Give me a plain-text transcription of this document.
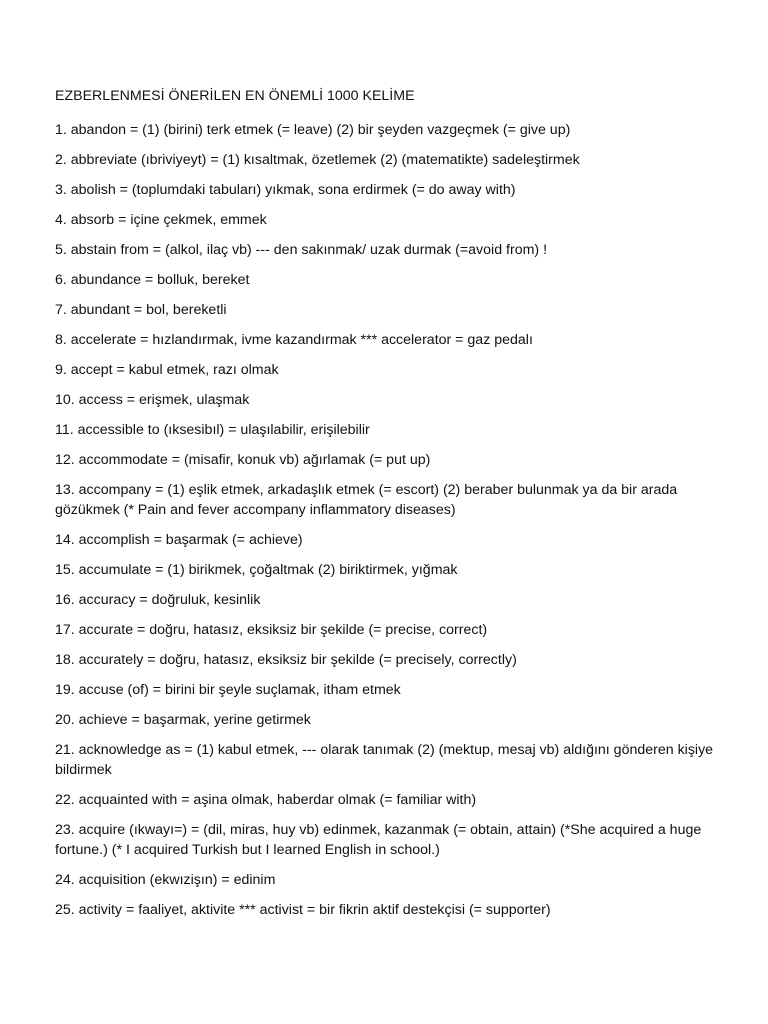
EZBERLENMESİ ÖNERİLEN EN ÖNEMLİ 1000 KELİME
1. abandon = (1) (birini) terk etmek (= leave) (2) bir şeyden vazgeçmek (= give up)
2. abbreviate (ıbriviyeyt) = (1) kısaltmak, özetlemek (2) (matematikte) sadeleştirmek
3. abolish = (toplumdaki tabuları) yıkmak, sona erdirmek (= do away with)
4. absorb = içine çekmek, emmek
5. abstain from = (alkol, ilaç vb) --- den sakınmak/ uzak durmak (=avoid from) !
6. abundance = bolluk, bereket
7. abundant = bol, bereketli
8. accelerate = hızlandırmak, ivme kazandırmak *** accelerator = gaz pedalı
9. accept = kabul etmek, razı olmak
10. access = erişmek, ulaşmak
11. accessible to (ıksesibıl) = ulaşılabilir, erişilebilir
12. accommodate = (misafir, konuk vb) ağırlamak (= put up)
13. accompany = (1) eşlik etmek, arkadaşlık etmek (= escort) (2) beraber bulunmak ya da bir arada gözükmek (* Pain and fever accompany inflammatory diseases)
14. accomplish = başarmak (= achieve)
15. accumulate = (1) birikmek, çoğaltmak (2) biriktirmek, yığmak
16. accuracy = doğruluk, kesinlik
17. accurate = doğru, hatasız, eksiksiz bir şekilde (= precise, correct)
18. accurately = doğru, hatasız, eksiksiz bir şekilde (= precisely, correctly)
19. accuse (of) = birini bir şeyle suçlamak, itham etmek
20. achieve = başarmak, yerine getirmek
21. acknowledge as = (1) kabul etmek, --- olarak tanımak (2) (mektup, mesaj vb) aldığını gönderen kişiye bildirmek
22. acquainted with = aşina olmak, haberdar olmak (= familiar with)
23. acquire (ıkwayı=) = (dil, miras, huy vb) edinmek, kazanmak (= obtain, attain) (*She acquired a huge fortune.) (* I acquired Turkish but I learned English in school.)
24. acquisition (ekwızişın) = edinim
25. activity = faaliyet, aktivite *** activist = bir fikrin aktif destekçisi (= supporter)
